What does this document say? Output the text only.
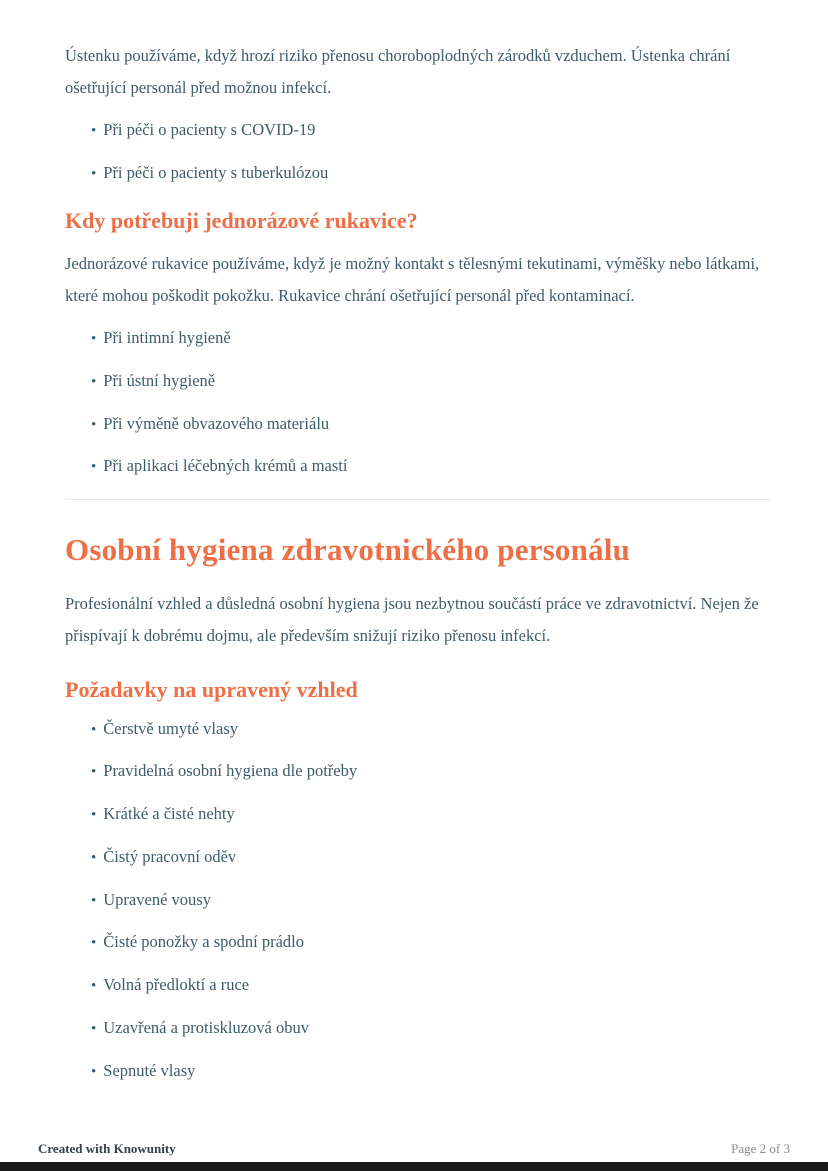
Ústenku používáme, když hrozí riziko přenosu choroboplodných zárodků vzduchem. Ústenka chrání ošetřující personál před možnou infekcí.

• Při péči o pacienty s COVID-19
• Při péči o pacienty s tuberkulózou
Kdy potřebuji jednorázové rukavice?

Jednorázové rukavice používáme, když je možný kontakt s tělesnými tekutinami, výměšky nebo látkami, které mohou poškodit pokožku. Rukavice chrání ošetřující personál před kontaminací.

• Při intimní hygieně
• Při ústní hygieně
• Při výměně obvazového materiálu
• Při aplikaci léčebných krémů a mastí
Osobní hygiena zdravotnického personálu

Profesionální vzhled a důsledná osobní hygiena jsou nezbytnou součástí práce ve zdravotnictví. Nejen že přispívají k dobrému dojmu, ale především snižují riziko přenosu infekcí.

Požadavky na upravený vzhled
• Čerstvě umyté vlasy
• Pravidelná osobní hygiena dle potřeby
• Krátké a čisté nehty
• Čistý pracovní oděv
• Upravené vousy
• Čisté ponožky a spodní prádlo
• Volná předloktí a ruce
• Uzavřená a protiskluzová obuv
• Sepnuté vlasy
Created with Knowunity	Page 2 of 3
